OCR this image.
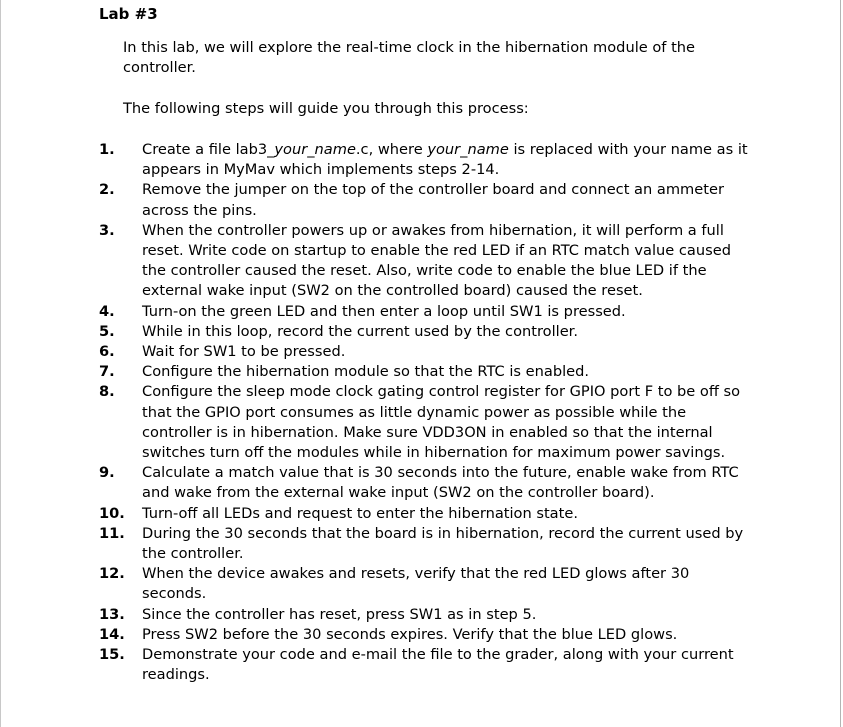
Lab #3
In this lab, we will explore the real-time clock in the hibernation module of the controller.
The following steps will guide you through this process:
1.	Create a file lab3_your_name.c, where your_name is replaced with your name as it appears in MyMav which implements steps 2-14.
2.	Remove the jumper on the top of the controller board and connect an ammeter across the pins.
3.	When the controller powers up or awakes from hibernation, it will perform a full reset. Write code on startup to enable the red LED if an RTC match value caused the controller caused the reset. Also, write code to enable the blue LED if the external wake input (SW2 on the controlled board) caused the reset.
4.	Turn-on the green LED and then enter a loop until SW1 is pressed.
5.	While in this loop, record the current used by the controller.
6.	Wait for SW1 to be pressed.
7.	Configure the hibernation module so that the RTC is enabled.
8.	Configure the sleep mode clock gating control register for GPIO port F to be off so that the GPIO port consumes as little dynamic power as possible while the controller is in hibernation. Make sure VDD3ON in enabled so that the internal switches turn off the modules while in hibernation for maximum power savings.
9.	Calculate a match value that is 30 seconds into the future, enable wake from RTC and wake from the external wake input (SW2 on the controller board).
10.	Turn-off all LEDs and request to enter the hibernation state.
11.	During the 30 seconds that the board is in hibernation, record the current used by the controller.
12.	When the device awakes and resets, verify that the red LED glows after 30 seconds.
13.	Since the controller has reset, press SW1 as in step 5.
14.	Press SW2 before the 30 seconds expires. Verify that the blue LED glows.
15.	Demonstrate your code and e-mail the file to the grader, along with your current readings.
